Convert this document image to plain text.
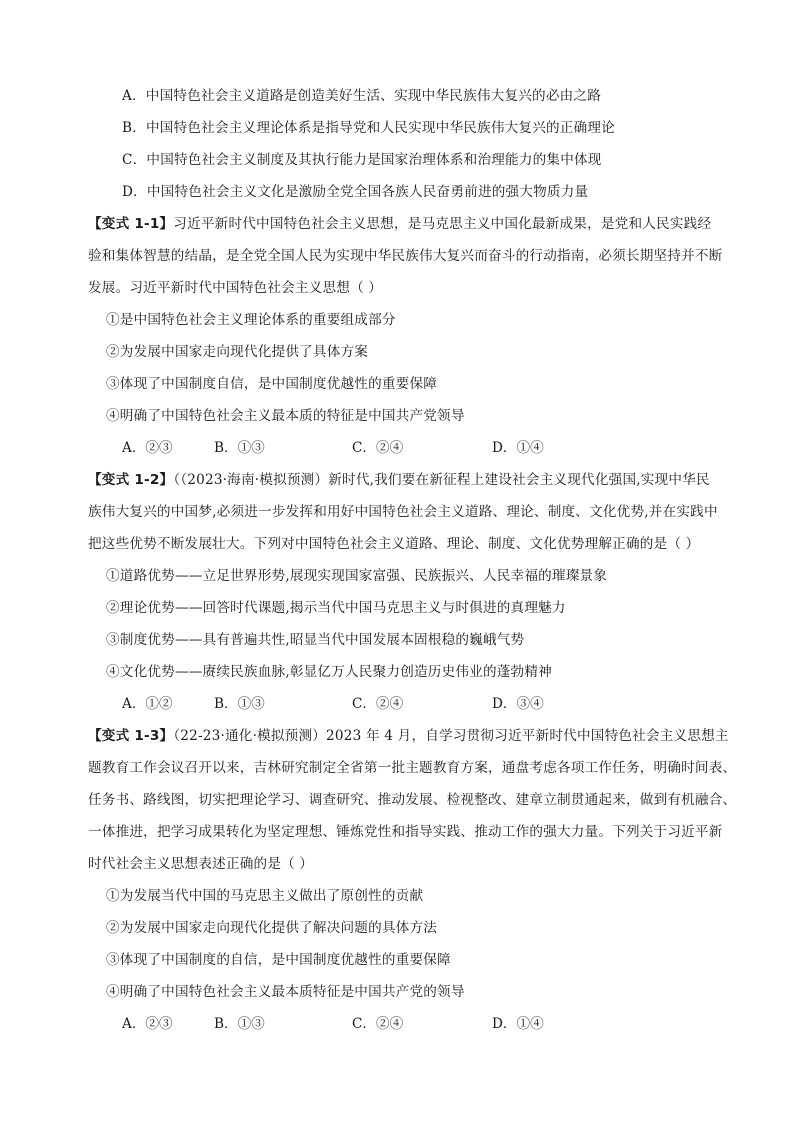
A．中国特色社会主义道路是创造美好生活、实现中华民族伟大复兴的必由之路
B．中国特色社会主义理论体系是指导党和人民实现中华民族伟大复兴的正确理论
C．中国特色社会主义制度及其执行能力是国家治理体系和治理能力的集中体现
D．中国特色社会主义文化是激励全党全国各族人民奋勇前进的强大物质力量
【变式 1-1】习近平新时代中国特色社会主义思想，是马克思主义中国化最新成果，是党和人民实践经
验和集体智慧的结晶，是全党全国人民为实现中华民族伟大复兴而奋斗的行动指南，必须长期坚持并不断
发展。习近平新时代中国特色社会主义思想（ ）
①是中国特色社会主义理论体系的重要组成部分
②为发展中国家走向现代化提供了具体方案
③体现了中国制度自信，是中国制度优越性的重要保障
④明确了中国特色社会主义最本质的特征是中国共产党领导
A．②③	B．①③	C．②④	D．①④
【变式 1-2】（（2023·海南·模拟预测）新时代,我们要在新征程上建设社会主义现代化强国,实现中华民
族伟大复兴的中国梦,必须进一步发挥和用好中国特色社会主义道路、理论、制度、文化优势,并在实践中
把这些优势不断发展壮大。下列对中国特色社会主义道路、理论、制度、文化优势理解正确的是（ ）
①道路优势——立足世界形势,展现实现国家富强、民族振兴、人民幸福的璀璨景象
②理论优势——回答时代课题,揭示当代中国马克思主义与时俱进的真理魅力
③制度优势——具有普遍共性,昭显当代中国发展本固根稳的巍峨气势
④文化优势——赓续民族血脉,彰显亿万人民聚力创造历史伟业的蓬勃精神
A．①②	B．①③	C．②④	D．③④
【变式 1-3】（22-23·通化·模拟预测）2023 年 4 月，自学习贯彻习近平新时代中国特色社会主义思想主
题教育工作会议召开以来，吉林研究制定全省第一批主题教育方案，通盘考虑各项工作任务，明确时间表、
任务书、路线图，切实把理论学习、调查研究、推动发展、检视整改、建章立制贯通起来，做到有机融合、
一体推进，把学习成果转化为坚定理想、锤炼党性和指导实践、推动工作的强大力量。下列关于习近平新
时代社会主义思想表述正确的是（ ）
①为发展当代中国的马克思主义做出了原创性的贡献
②为发展中国家走向现代化提供了解决问题的具体方法
③体现了中国制度的自信，是中国制度优越性的重要保障
④明确了中国特色社会主义最本质特征是中国共产党的领导
A．②③	B．①③	C．②④	D．①④
